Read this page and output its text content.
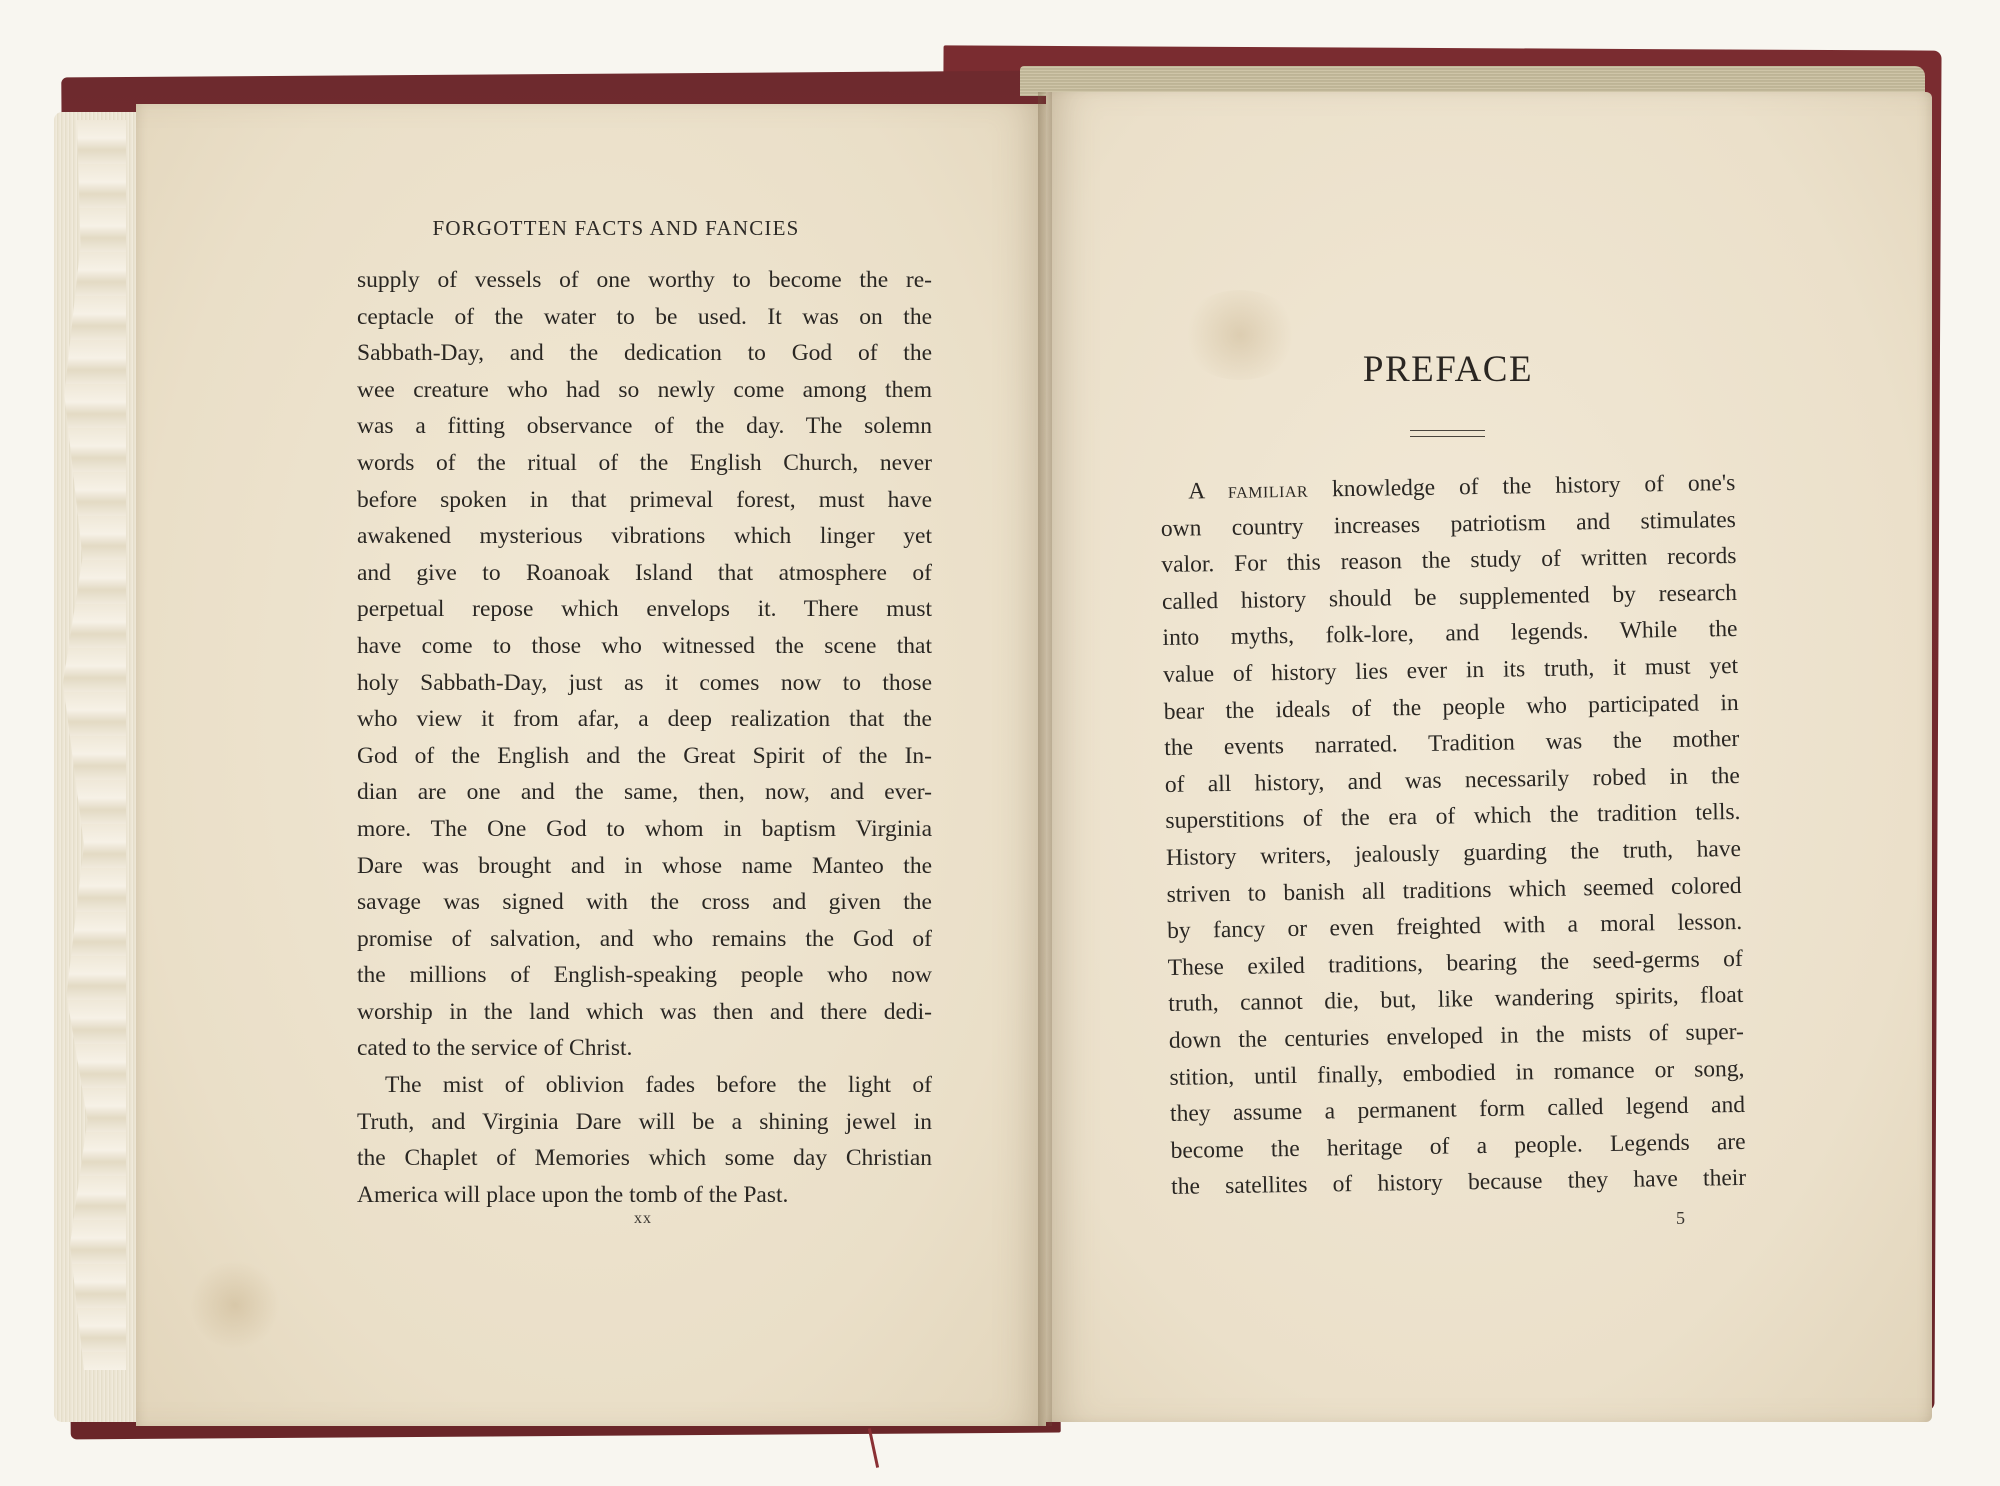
FORGOTTEN FACTS AND FANCIES
supply of vessels of one worthy to become the re-
ceptacle of the water to be used. It was on the
Sabbath-Day, and the dedication to God of the
wee creature who had so newly come among them
was a fitting observance of the day. The solemn
words of the ritual of the English Church, never
before spoken in that primeval forest, must have
awakened mysterious vibrations which linger yet
and give to Roanoak Island that atmosphere of
perpetual repose which envelops it. There must
have come to those who witnessed the scene that
holy Sabbath-Day, just as it comes now to those
who view it from afar, a deep realization that the
God of the English and the Great Spirit of the In-
dian are one and the same, then, now, and ever-
more. The One God to whom in baptism Virginia
Dare was brought and in whose name Manteo the
savage was signed with the cross and given the
promise of salvation, and who remains the God of
the millions of English-speaking people who now
worship in the land which was then and there dedi-
cated to the service of Christ.
The mist of oblivion fades before the light of
Truth, and Virginia Dare will be a shining jewel in
the Chaplet of Memories which some day Christian
America will place upon the tomb of the Past.
xx
PREFACE
A familiar knowledge of the history of one's
own country increases patriotism and stimulates
valor. For this reason the study of written records
called history should be supplemented by research
into myths, folk-lore, and legends. While the
value of history lies ever in its truth, it must yet
bear the ideals of the people who participated in
the events narrated. Tradition was the mother
of all history, and was necessarily robed in the
superstitions of the era of which the tradition tells.
History writers, jealously guarding the truth, have
striven to banish all traditions which seemed colored
by fancy or even freighted with a moral lesson.
These exiled traditions, bearing the seed-germs of
truth, cannot die, but, like wandering spirits, float
down the centuries enveloped in the mists of super-
stition, until finally, embodied in romance or song,
they assume a permanent form called legend and
become the heritage of a people. Legends are
the satellites of history because they have their
5
